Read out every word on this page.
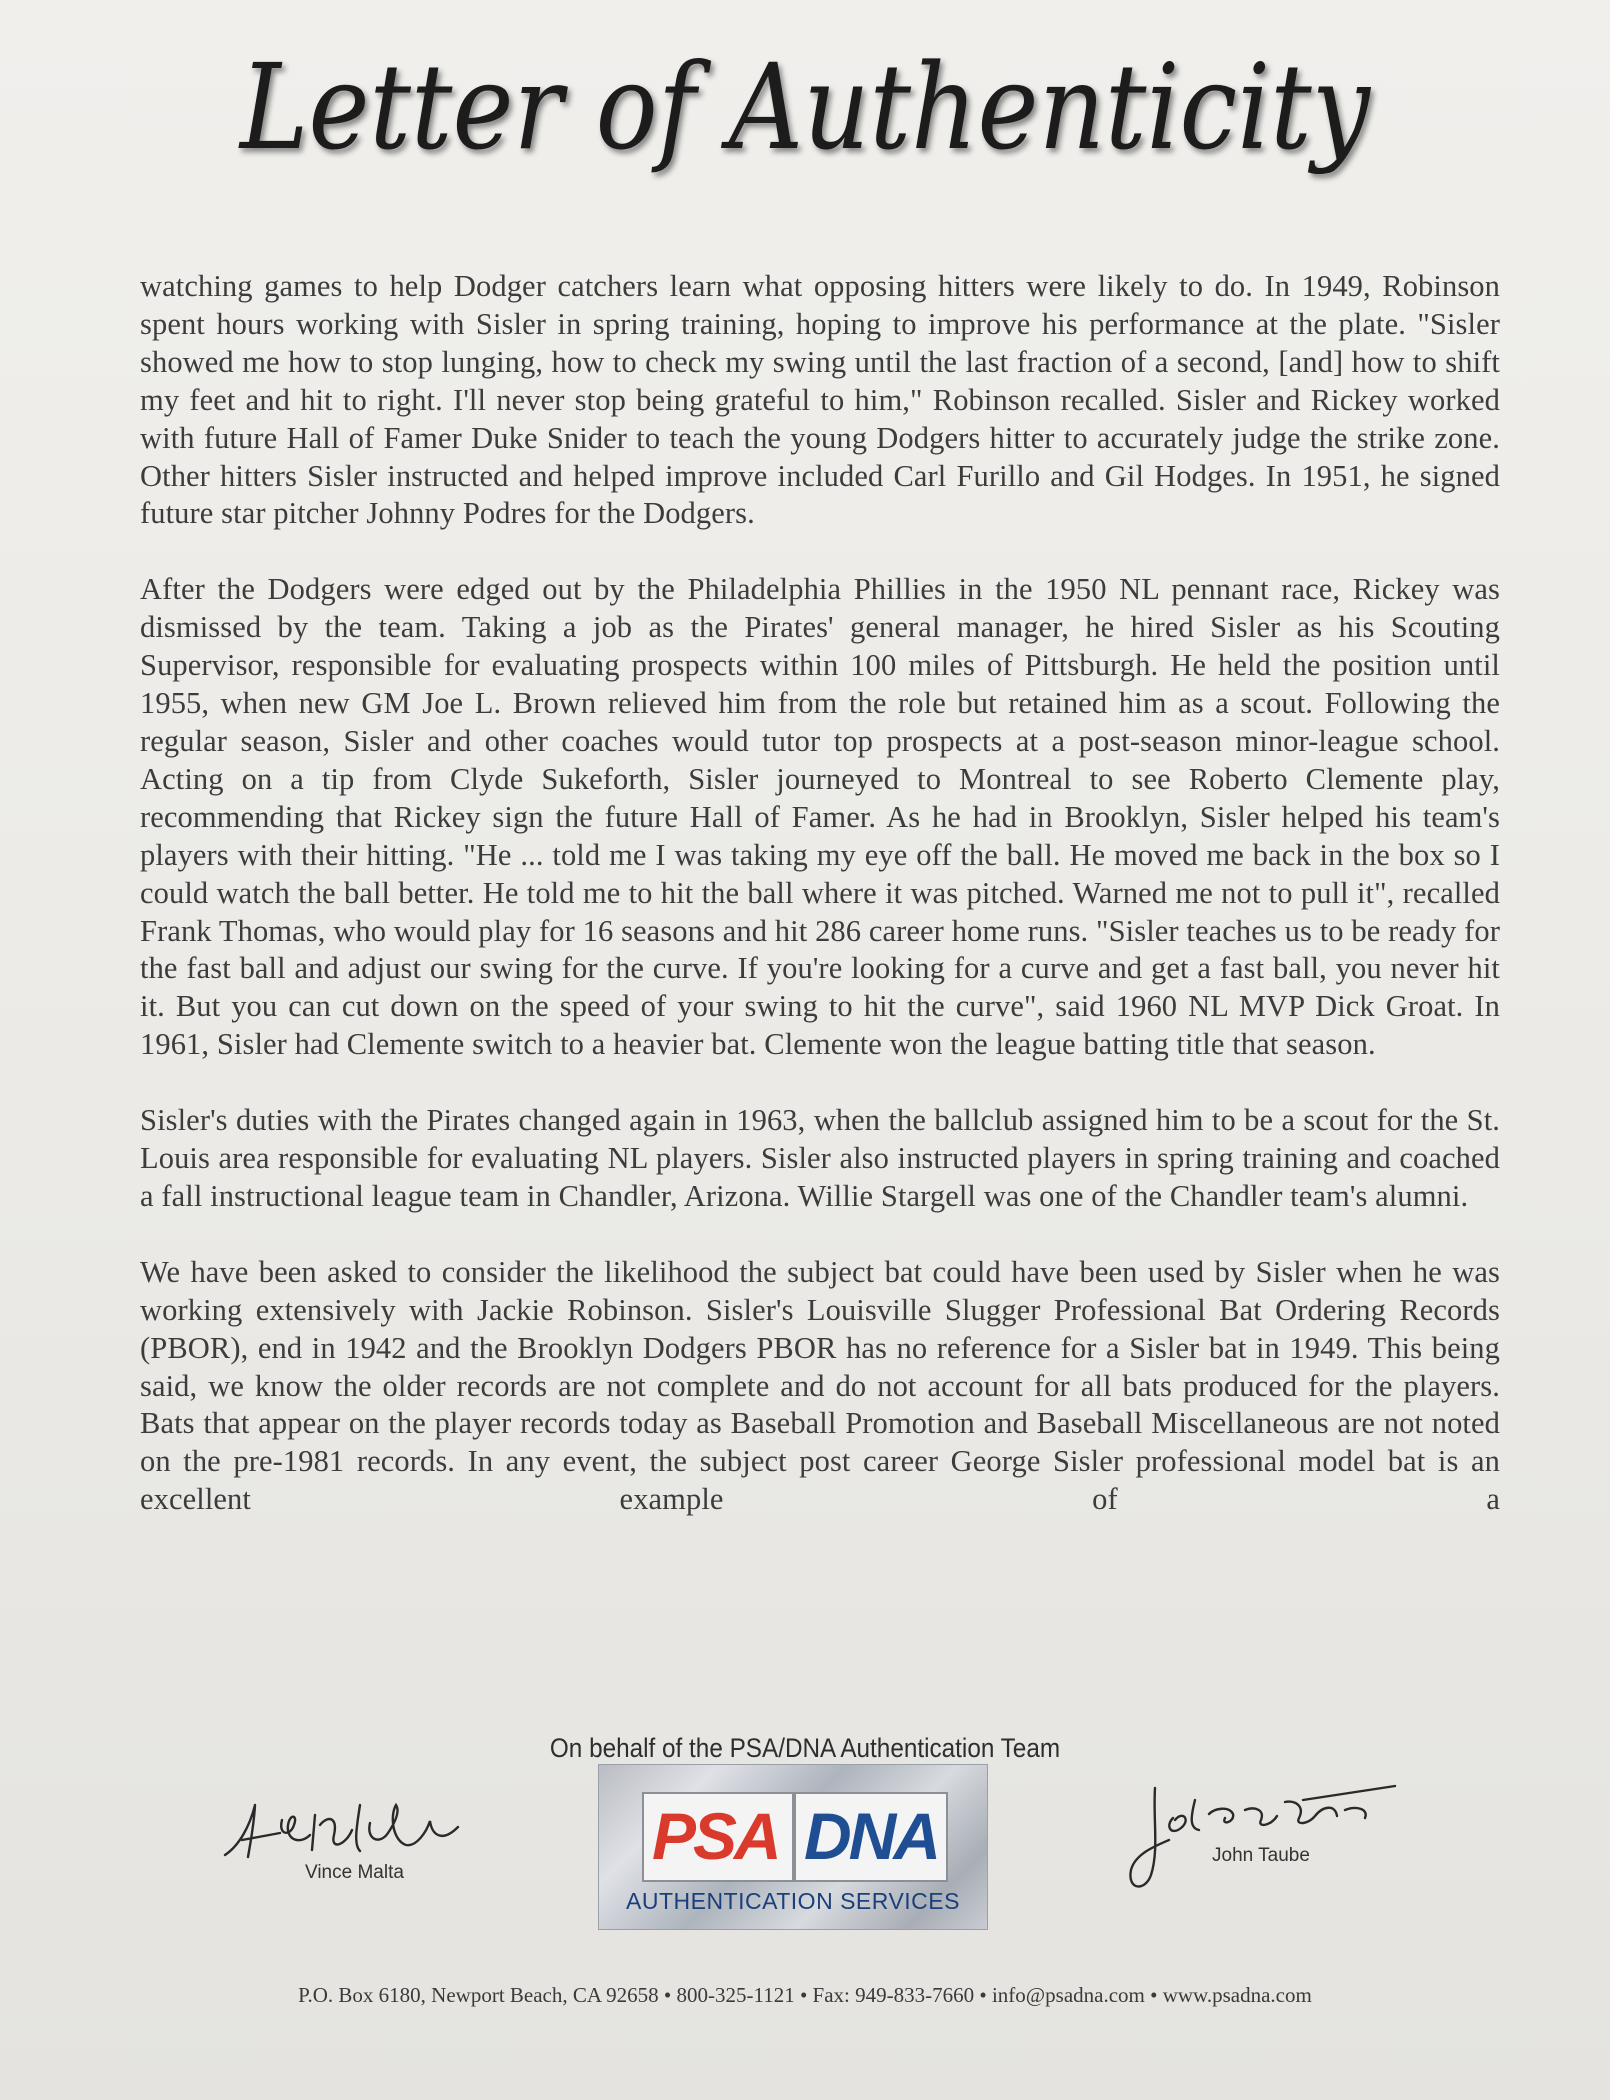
Letter of Authenticity

watching games to help Dodger catchers learn what opposing hitters were likely to do. In 1949, Robinson spent hours working with Sisler in spring training, hoping to improve his performance at the plate. "Sisler showed me how to stop lunging, how to check my swing until the last fraction of a second, [and] how to shift my feet and hit to right. I'll never stop being grateful to him," Robinson recalled. Sisler and Rickey worked with future Hall of Famer Duke Snider to teach the young Dodgers hitter to accurately judge the strike zone. Other hitters Sisler instructed and helped improve included Carl Furillo and Gil Hodges. In 1951, he signed future star pitcher Johnny Podres for the Dodgers.

After the Dodgers were edged out by the Philadelphia Phillies in the 1950 NL pennant race, Rickey was dismissed by the team. Taking a job as the Pirates' general manager, he hired Sisler as his Scouting Supervisor, responsible for evaluating prospects within 100 miles of Pittsburgh. He held the position until 1955, when new GM Joe L. Brown relieved him from the role but retained him as a scout. Following the regular season, Sisler and other coaches would tutor top prospects at a post-season minor-league school. Acting on a tip from Clyde Sukeforth, Sisler journeyed to Montreal to see Roberto Clemente play, recommending that Rickey sign the future Hall of Famer. As he had in Brooklyn, Sisler helped his team's players with their hitting. "He ... told me I was taking my eye off the ball. He moved me back in the box so I could watch the ball better. He told me to hit the ball where it was pitched. Warned me not to pull it", recalled Frank Thomas, who would play for 16 seasons and hit 286 career home runs. "Sisler teaches us to be ready for the fast ball and adjust our swing for the curve. If you're looking for a curve and get a fast ball, you never hit it. But you can cut down on the speed of your swing to hit the curve", said 1960 NL MVP Dick Groat. In 1961, Sisler had Clemente switch to a heavier bat. Clemente won the league batting title that season.

Sisler's duties with the Pirates changed again in 1963, when the ballclub assigned him to be a scout for the St. Louis area responsible for evaluating NL players. Sisler also instructed players in spring training and coached a fall instructional league team in Chandler, Arizona. Willie Stargell was one of the Chandler team's alumni.

We have been asked to consider the likelihood the subject bat could have been used by Sisler when he was working extensively with Jackie Robinson. Sisler's Louisville Slugger Professional Bat Ordering Records (PBOR), end in 1942 and the Brooklyn Dodgers PBOR has no reference for a Sisler bat in 1949. This being said, we know the older records are not complete and do not account for all bats produced for the players. Bats that appear on the player records today as Baseball Promotion and Baseball Miscellaneous are not noted on the pre-1981 records. In any event, the subject post career George Sisler professional model bat is an excellent example of a

On behalf of the PSA/DNA Authentication Team
Vince Malta	PSA DNA
AUTHENTICATION SERVICES
John Taube
P.O. Box 6180, Newport Beach, CA 92658 • 800-325-1121 • Fax: 949-833-7660 • info@psadna.com • www.psadna.com
